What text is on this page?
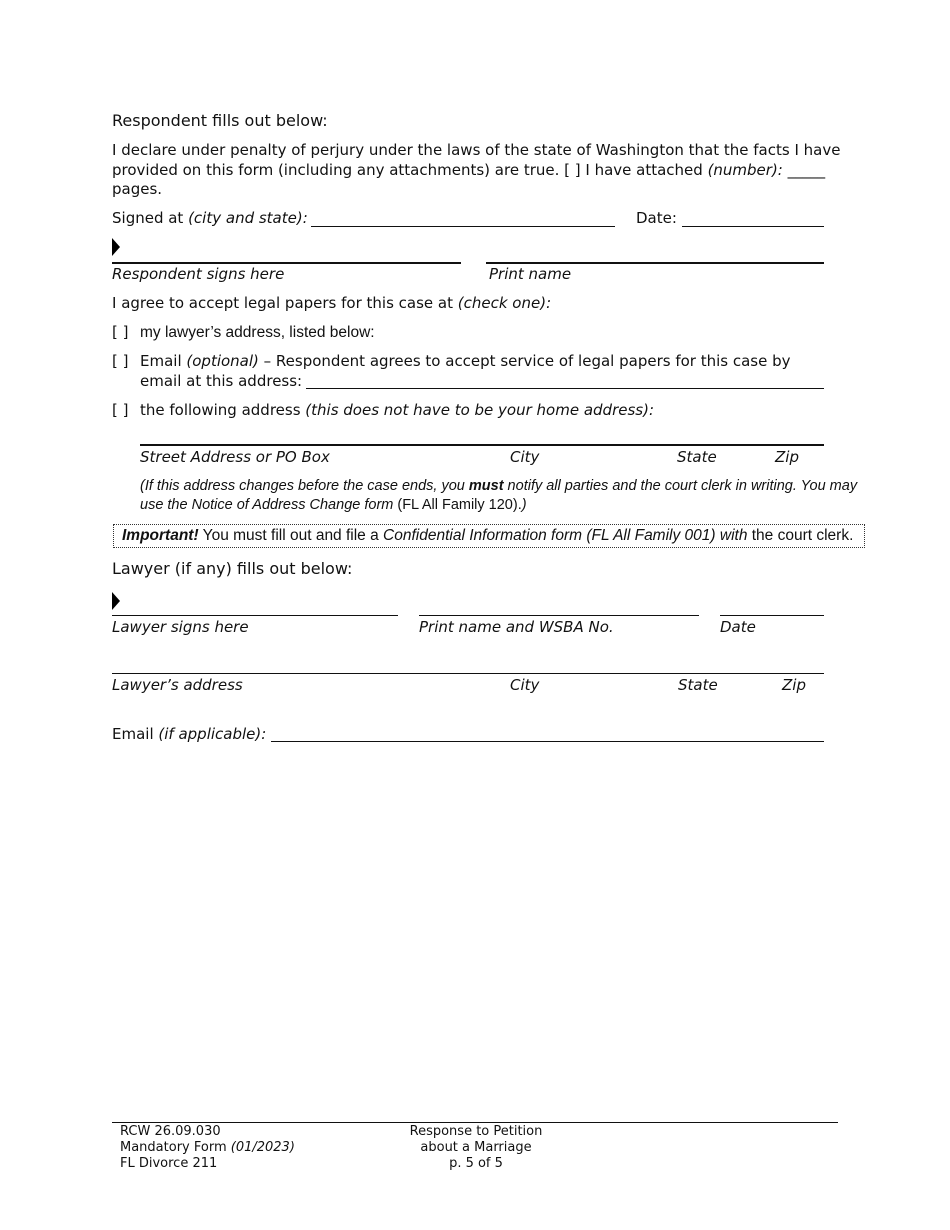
Respondent fills out below:
I declare under penalty of perjury under the laws of the state of Washington that the facts I have
provided on this form (including any attachments) are true. [ ] I have attached (number): _____
pages.
Signed at (city and state):	Date:
Respondent signs here	Print name
I agree to accept legal papers for this case at (check one):
[ ] my lawyer’s address, listed below:
[ ] Email (optional) – Respondent agrees to accept service of legal papers for this case by
email at this address:
[ ] the following address (this does not have to be your home address):
Street Address or PO Box	City	State	Zip
(If this address changes before the case ends, you must notify all parties and the court clerk in writing. You may
use the Notice of Address Change form (FL All Family 120).)
Important! You must fill out and file a Confidential Information form (FL All Family 001) with the court clerk.
Lawyer (if any) fills out below:
Lawyer signs here	Print name and WSBA No.	Date
Lawyer’s address	City	State	Zip
Email (if applicable):
RCW 26.09.030
Mandatory Form (01/2023)
FL Divorce 211
Response to Petition
about a Marriage
p. 5 of 5
